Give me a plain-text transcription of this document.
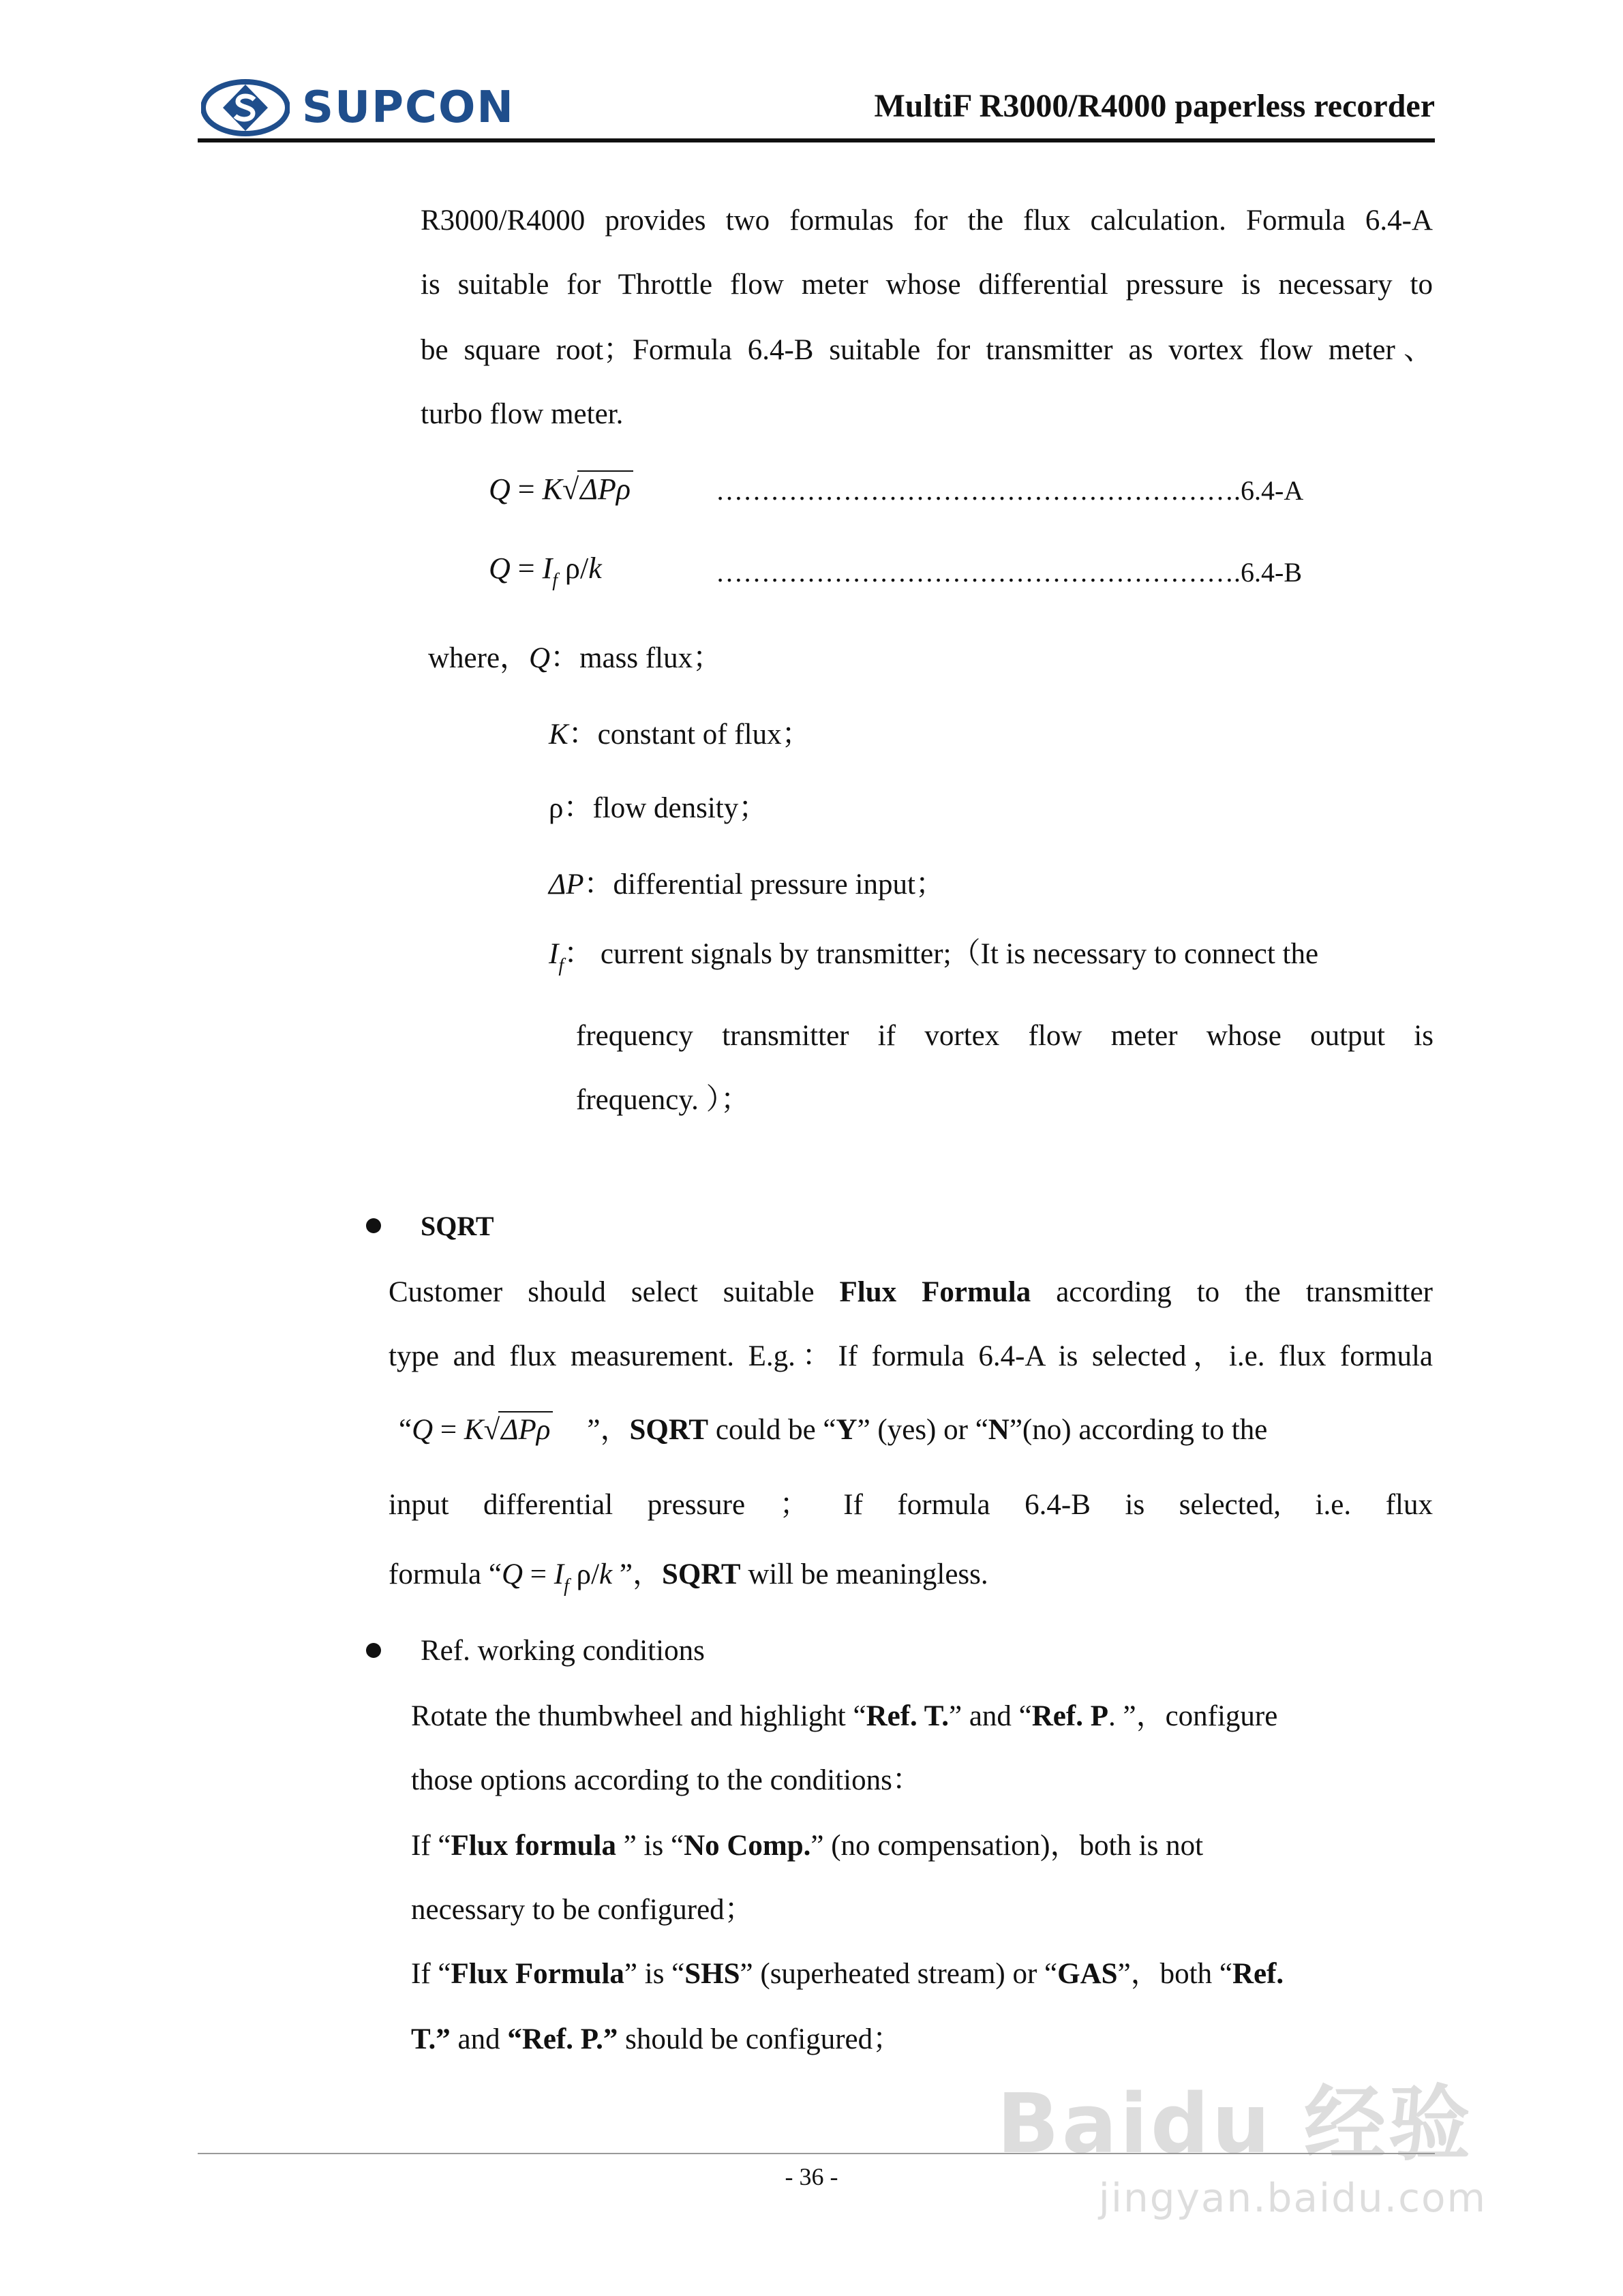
SUPCON	MultiF R3000/R4000 paperless recorder
R3000/R4000 provides two formulas for the flux calculation. Formula 6.4-A
is suitable for Throttle flow meter whose differential pressure is necessary to
be square root；Formula 6.4-B suitable for transmitter as vortex flow meter、
turbo flow meter.
Q = K√ΔPρ	………………………………………………….6.4-A
$Q = I_f$ ρ/k	………………………………………………….6.4-B
where，Q：mass flux；
K：constant of flux；
ρ：flow density；
ΔP：differential pressure input；
$I_f$： current signals by transmitter;（It is necessary to connect the
frequency transmitter if vortex flow meter whose output is
frequency. ）；
SQRT
Customer should select suitable Flux Formula according to the transmitter
type and flux measurement. E.g.：If formula 6.4-A is selected，i.e. flux formula
“Q = K√ΔPρ ”，SQRT could be “Y” (yes) or “N”(no) according to the
input differential pressure ； If formula 6.4-B is selected, i.e. flux
formula “$Q = I_f$ ρ/k ”，SQRT will be meaningless.
Ref. working conditions
Rotate the thumbwheel and highlight “Ref. T.” and “Ref. P. ”，configure
those options according to the conditions：
If “Flux formula ” is “No Comp.” (no compensation)，both is not
necessary to be configured；
If “Flux Formula” is “SHS” (superheated stream) or “GAS”，both “Ref.
T.” and “Ref. P.” should be configured；
- 36 -
Baidu 经验
jingyan.baidu.com
